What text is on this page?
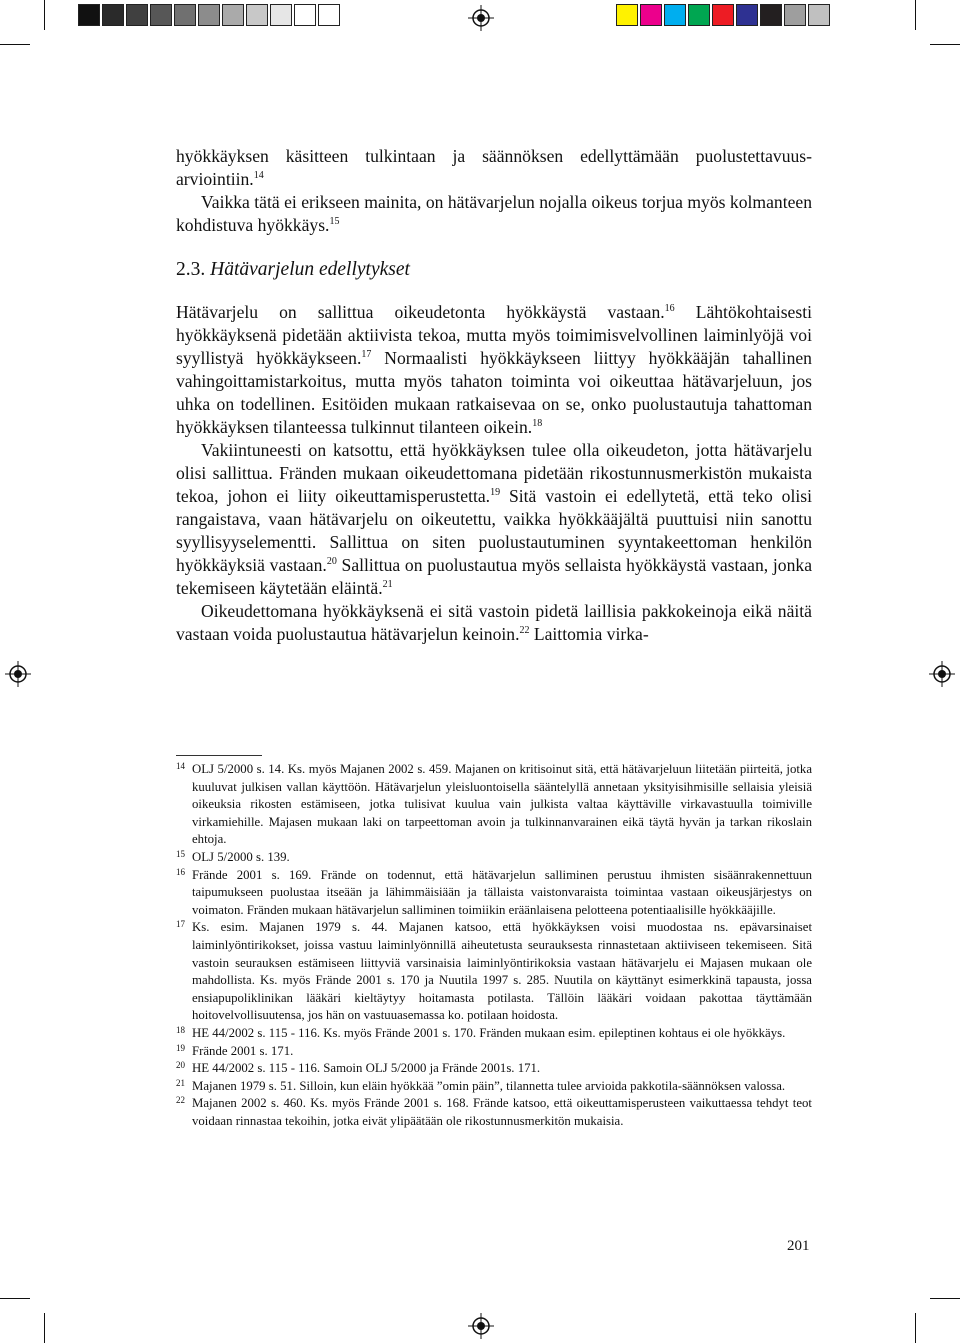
hyökkäyksen käsitteen tulkintaan ja säännöksen edellyttämään puolustettavuus-arviointiin.$^{14}$

Vaikka tätä ei erikseen mainita, on hätävarjelun nojalla oikeus torjua myös kolmanteen kohdistuva hyökkäys.$^{15}$

2.3. Hätävarjelun edellytykset

Hätävarjelu on sallittua oikeudetonta hyökkäystä vastaan.$^{16}$ Lähtökohtaisesti hyökkäyksenä pidetään aktiivista tekoa, mutta myös toimimisvelvollinen laiminlyöjä voi syyllistyä hyökkäykseen.$^{17}$ Normaalisti hyökkäykseen liittyy hyökkääjän tahallinen vahingoittamistarkoitus, mutta myös tahaton toiminta voi oikeuttaa hätävarjeluun, jos uhka on todellinen. Esitöiden mukaan ratkaisevaa on se, onko puolustautuja tahattoman hyökkäyksen tilanteessa tulkinnut tilanteen oikein.$^{18}$

Vakiintuneesti on katsottu, että hyökkäyksen tulee olla oikeudeton, jotta hätävarjelu olisi sallittua. Fränden mukaan oikeudettomana pidetään rikostunnusmerkistön mukaista tekoa, johon ei liity oikeuttamisperustetta.$^{19}$ Sitä vastoin ei edellytetä, että teko olisi rangaistava, vaan hätävarjelu on oikeutettu, vaikka hyökkääjältä puuttuisi niin sanottu syyllisyyselementti. Sallittua on siten puolustautuminen syyntakeettoman henkilön hyökkäyksiä vastaan.$^{20}$ Sallittua on puolustautua myös sellaista hyökkäystä vastaan, jonka tekemiseen käytetään eläintä.$^{21}$

Oikeudettomana hyökkäyksenä ei sitä vastoin pidetä laillisia pakkokeinoja eikä näitä vastaan voida puolustautua hätävarjelun keinoin.$^{22}$ Laittomia virka-

14 OLJ 5/2000 s. 14. Ks. myös Majanen 2002 s. 459. Majanen on kritisoinut sitä, että hätävarjeluun liitetään piirteitä, jotka kuuluvat julkisen vallan käyttöön. Hätävarjelun yleisluontoisella sääntelyllä annetaan yksityisihmisille sellaisia yleisiä oikeuksia rikosten estämiseen, jotka tulisivat kuulua vain julkista valtaa käyttäville virkavastuulla toimiville virkamiehille. Majasen mukaan laki on tarpeettoman avoin ja tulkinnanvarainen eikä täytä hyvän ja tarkan rikoslain ehtoja.
15 OLJ 5/2000 s. 139.
16 Frände 2001 s. 169. Frände on todennut, että hätävarjelun salliminen perustuu ihmisten sisäänrakennettuun taipumukseen puolustaa itseään ja lähimmäisiään ja tällaista vaistonvaraista toimintaa vastaan oikeusjärjestys on voimaton. Fränden mukaan hätävarjelun salliminen toimiikin eräänlaisena pelotteena potentiaalisille hyökkääjille.
17 Ks. esim. Majanen 1979 s. 44. Majanen katsoo, että hyökkäyksen voisi muodostaa ns. epävarsinaiset laiminlyöntirikokset, joissa vastuu laiminlyönnillä aiheutetusta seurauksesta rinnastetaan aktiiviseen tekemiseen. Sitä vastoin seurauksen estämiseen liittyviä varsinaisia laiminlyöntirikoksia vastaan hätävarjelu ei Majasen mukaan ole mahdollista. Ks. myös Frände 2001 s. 170 ja Nuutila 1997 s. 285. Nuutila on käyttänyt esimerkkinä tapausta, jossa ensiapupoliklinikan lääkäri kieltäytyy hoitamasta potilasta. Tällöin lääkäri voidaan pakottaa täyttämään hoitovelvollisuutensa, jos hän on vastuuasemassa ko. potilaan hoidosta.
18 HE 44/2002 s. 115 - 116. Ks. myös Frände 2001 s. 170. Fränden mukaan esim. epileptinen kohtaus ei ole hyökkäys.
19 Frände 2001 s. 171.
20 HE 44/2002 s. 115 - 116. Samoin OLJ 5/2000 ja Frände 2001s. 171.
21 Majanen 1979 s. 51. Silloin, kun eläin hyökkää ”omin päin”, tilannetta tulee arvioida pakkotila-säännöksen valossa.
22 Majanen 2002 s. 460. Ks. myös Frände 2001 s. 168. Frände katsoo, että oikeuttamisperusteen vaikuttaessa tehdyt teot voidaan rinnastaa tekoihin, jotka eivät ylipäätään ole rikostunnusmerkitön mukaisia.
201
